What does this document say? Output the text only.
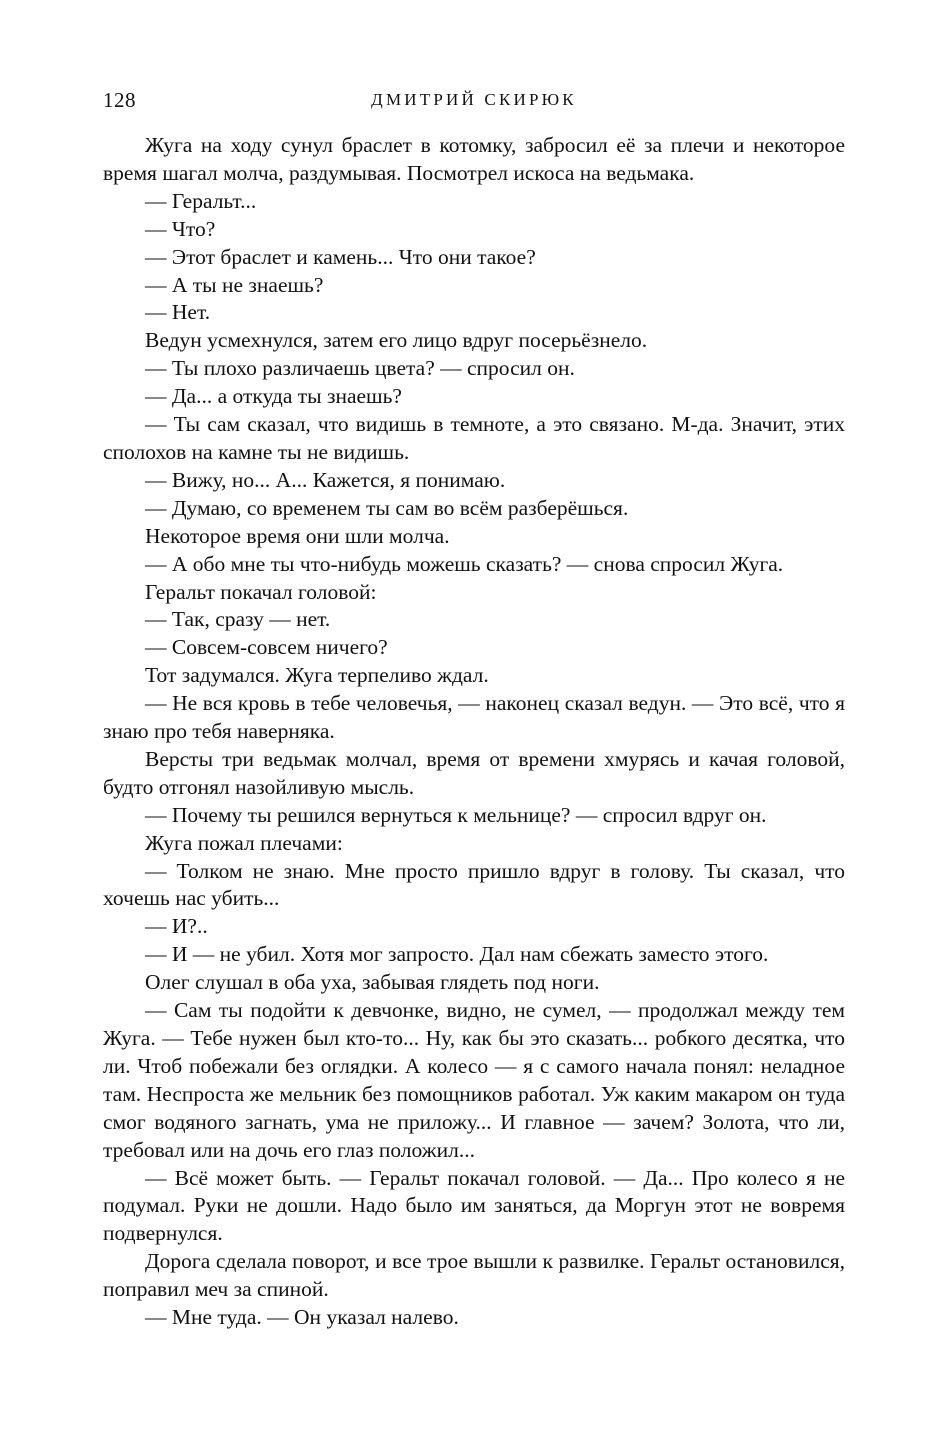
128	ДМИТРИЙ СКИРЮК

Жуга на ходу сунул браслет в котомку, забросил её за плечи и некоторое время шагал молча, раздумывая. Посмотрел искоса на ведьмака.

— Геральт...

— Что?

— Этот браслет и камень... Что они такое?

— А ты не знаешь?

— Нет.

Ведун усмехнулся, затем его лицо вдруг посерьёзнело.

— Ты плохо различаешь цвета? — спросил он.

— Да... а откуда ты знаешь?

— Ты сам сказал, что видишь в темноте, а это связано. М-да. Значит, этих сполохов на камне ты не видишь.

— Вижу, но... А... Кажется, я понимаю.

— Думаю, со временем ты сам во всём разберёшься.

Некоторое время они шли молча.

— А обо мне ты что-нибудь можешь сказать? — снова спросил Жуга.

Геральт покачал головой:

— Так, сразу — нет.

— Совсем-совсем ничего?

Тот задумался. Жуга терпеливо ждал.

— Не вся кровь в тебе человечья, — наконец сказал ведун. — Это всё, что я знаю про тебя наверняка.

Версты три ведьмак молчал, время от времени хмурясь и качая головой, будто отгонял назойливую мысль.

— Почему ты решился вернуться к мельнице? — спросил вдруг он.

Жуга пожал плечами:

— Толком не знаю. Мне просто пришло вдруг в голову. Ты сказал, что хочешь нас убить...

— И?..

— И — не убил. Хотя мог запросто. Дал нам сбежать заместо этого.

Олег слушал в оба уха, забывая глядеть под ноги.

— Сам ты подойти к девчонке, видно, не сумел, — продолжал между тем Жуга. — Тебе нужен был кто-то... Ну, как бы это сказать... робкого десятка, что ли. Чтоб побежали без оглядки. А колесо — я с самого начала понял: неладное там. Неспроста же мельник без помощников работал. Уж каким макаром он туда смог водяного загнать, ума не приложу... И главное — зачем? Золота, что ли, требовал или на дочь его глаз положил...

— Всё может быть. — Геральт покачал головой. — Да... Про колесо я не подумал. Руки не дошли. Надо было им заняться, да Моргун этот не вовремя подвернулся.

Дорога сделала поворот, и все трое вышли к развилке. Геральт остановился, поправил меч за спиной.

— Мне туда. — Он указал налево.
